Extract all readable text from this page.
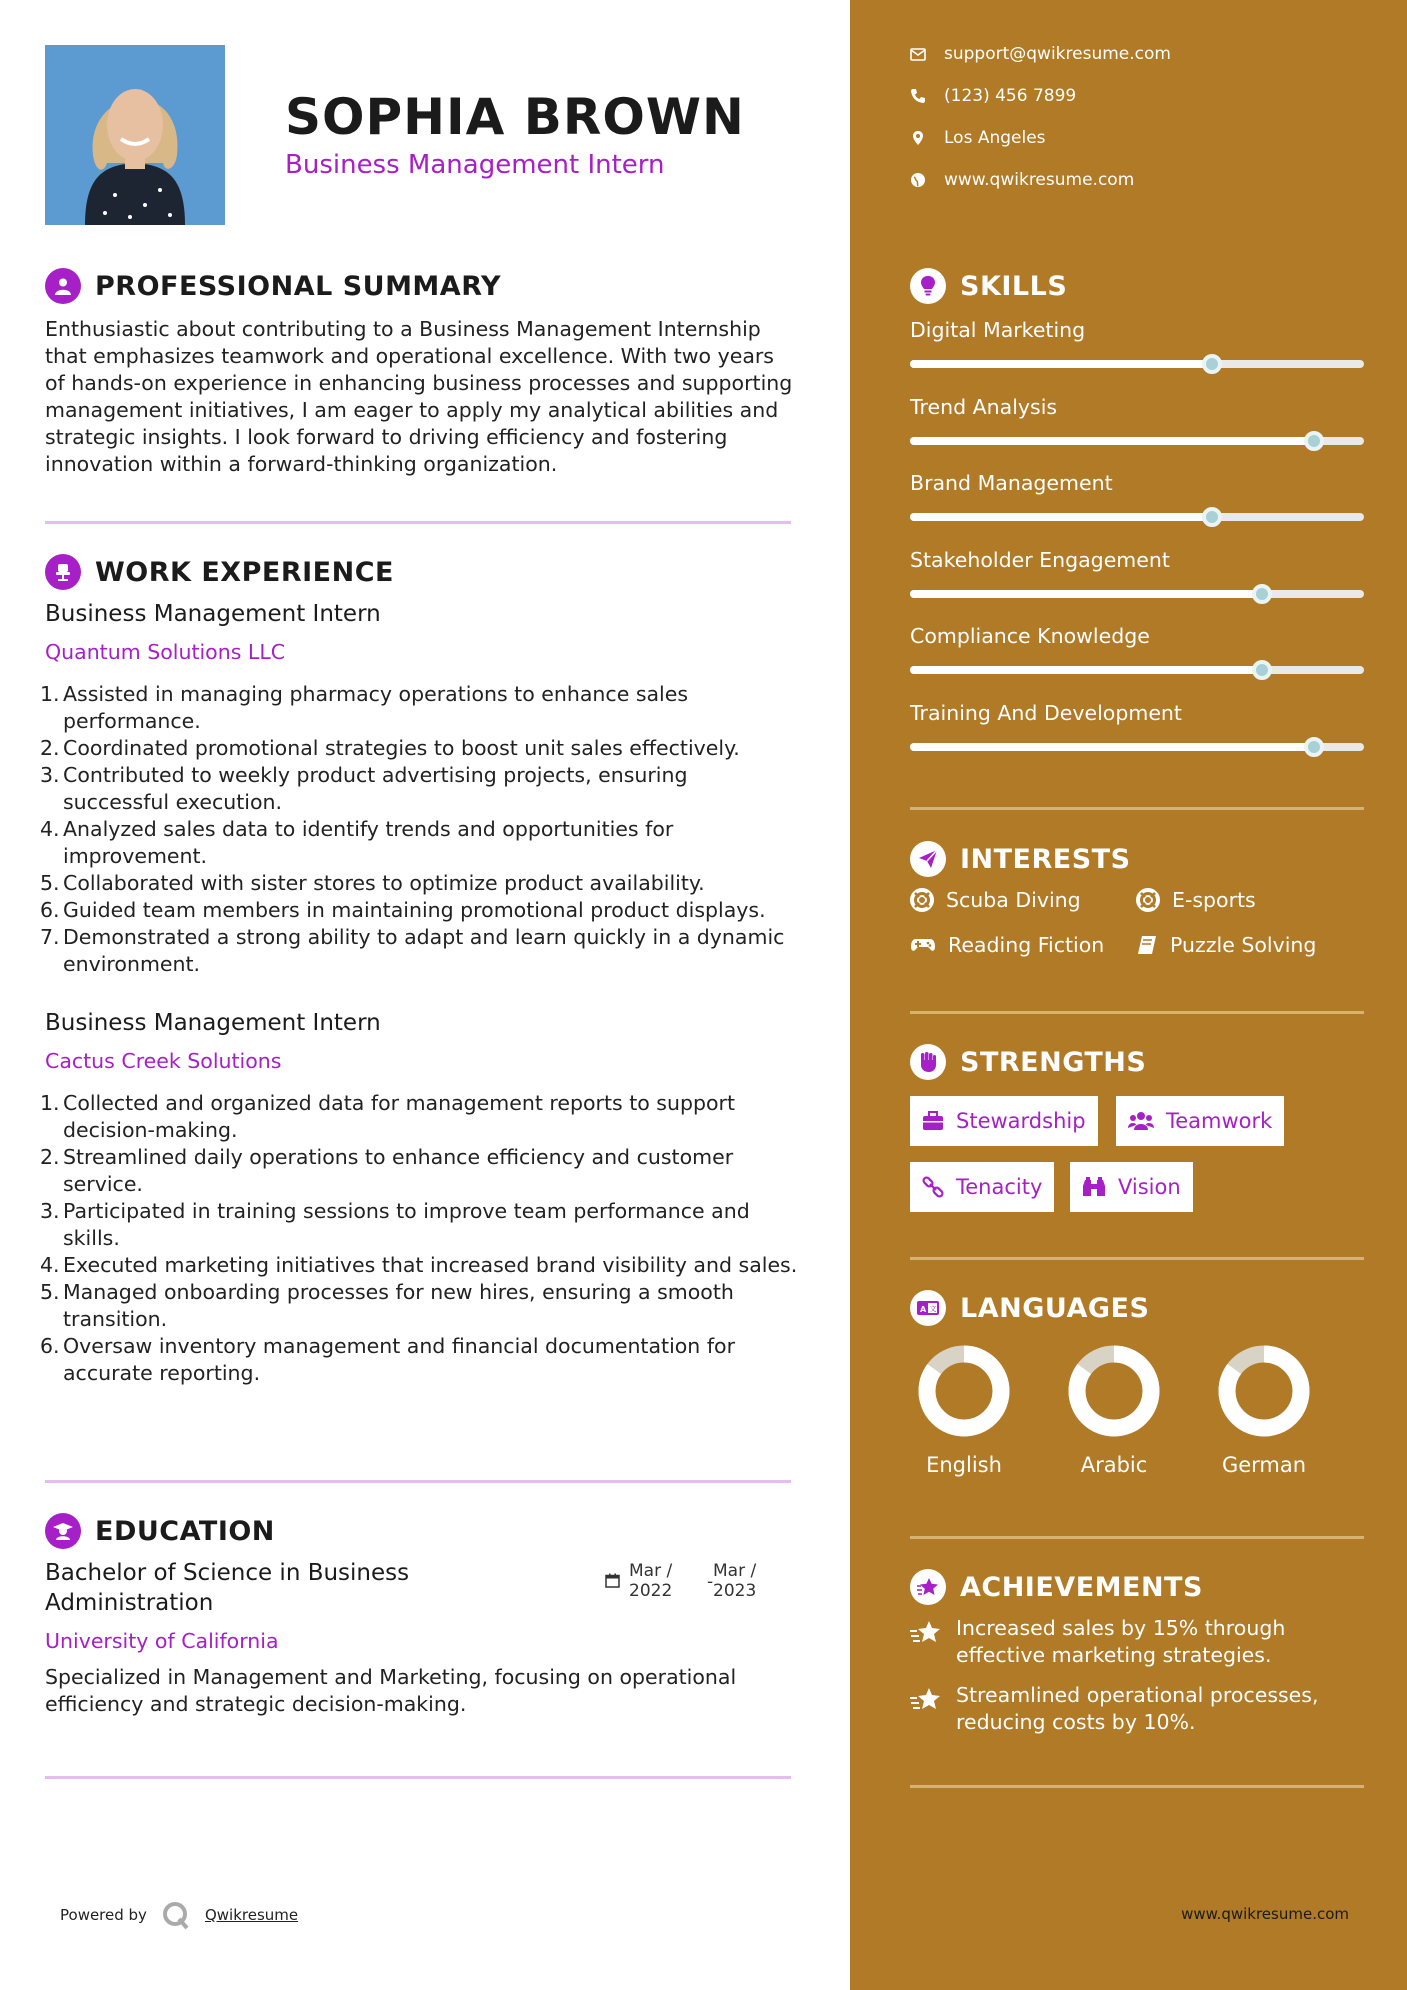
SOPHIA BROWN
Business Management Intern
PROFESSIONAL SUMMARY
Enthusiastic about contributing to a Business Management Internship that emphasizes teamwork and operational excellence. With two years of hands-on experience in enhancing business processes and supporting management initiatives, I am eager to apply my analytical abilities and strategic insights. I look forward to driving efficiency and fostering innovation within a forward-thinking organization.
WORK EXPERIENCE
Business Management Intern
Quantum Solutions LLC
1. Assisted in managing pharmacy operations to enhance sales performance.
2. Coordinated promotional strategies to boost unit sales effectively.
3. Contributed to weekly product advertising projects, ensuring successful execution.
4. Analyzed sales data to identify trends and opportunities for improvement.
5. Collaborated with sister stores to optimize product availability.
6. Guided team members in maintaining promotional product displays.
7. Demonstrated a strong ability to adapt and learn quickly in a dynamic environment.
Business Management Intern
Cactus Creek Solutions
1. Collected and organized data for management reports to support decision-making.
2. Streamlined daily operations to enhance efficiency and customer service.
3. Participated in training sessions to improve team performance and skills.
4. Executed marketing initiatives that increased brand visibility and sales.
5. Managed onboarding processes for new hires, ensuring a smooth transition.
6. Oversaw inventory management and financial documentation for accurate reporting.
EDUCATION
Bachelor of Science in Business
Administration
Mar /
2022 -
Mar /
2023
University of California
Specialized in Management and Marketing, focusing on operational efficiency and strategic decision-making.
Powered by	Qwikresume
support@qwikresume.com
(123) 456 7899
Los Angeles
www.qwikresume.com
SKILLS
Digital Marketing
Trend Analysis
Brand Management
Stakeholder Engagement
Compliance Knowledge
Training And Development
INTERESTS
Scuba Diving	E-sports
Reading Fiction	Puzzle Solving
STRENGTHS
Stewardship	Teamwork
Tenacity	Vision
A 文 LANGUAGES
English	Arabic	German
ACHIEVEMENTS
Increased sales by 15% through effective marketing strategies.
Streamlined operational processes, reducing costs by 10%.
www.qwikresume.com
